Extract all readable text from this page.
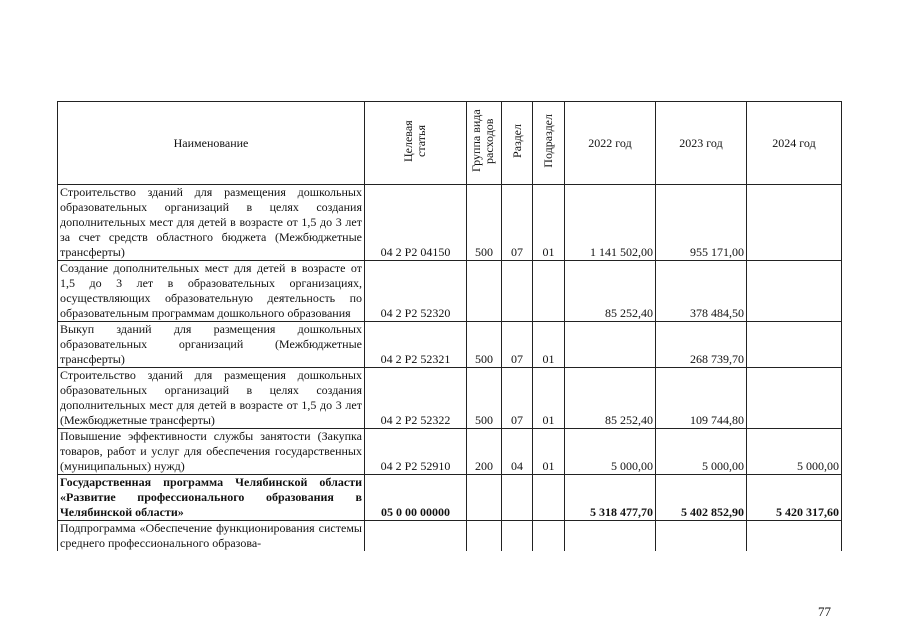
Наименование	Целевая статья	Группа вида расходов	Раздел	Подраздел	2022 год	2023 год	2024 год
Строительство зданий для размещения дошкольных образовательных организаций в целях создания дополнительных мест для детей в возрасте от 1,5 до 3 лет за счет средств областного бюджета (Межбюджетные трансферты)	04 2 P2 04150	500	07	01	1 141 502,00	955 171,00	
Создание дополнительных мест для детей в возрасте от 1,5 до 3 лет в образовательных организациях, осуществляющих образовательную деятельность по образовательным программам дошкольного образования	04 2 P2 52320				85 252,40	378 484,50	
Выкуп зданий для размещения дошкольных образовательных организаций (Межбюджетные трансферты)	04 2 P2 52321	500	07	01		268 739,70	
Строительство зданий для размещения дошкольных образовательных организаций в целях создания дополнительных мест для детей в возрасте от 1,5 до 3 лет (Межбюджетные трансферты)	04 2 P2 52322	500	07	01	85 252,40	109 744,80	
Повышение эффективности службы занятости (Закупка товаров, работ и услуг для обеспечения государственных (муниципальных) нужд)	04 2 P2 52910	200	04	01	5 000,00	5 000,00	5 000,00
Государственная программа Челябинской области «Развитие профессионального образования в Челябинской области»	05 0 00 00000				5 318 477,70	5 402 852,90	5 420 317,60
Подпрограмма «Обеспечение функционирования системы среднего профессионального образова-							
77
